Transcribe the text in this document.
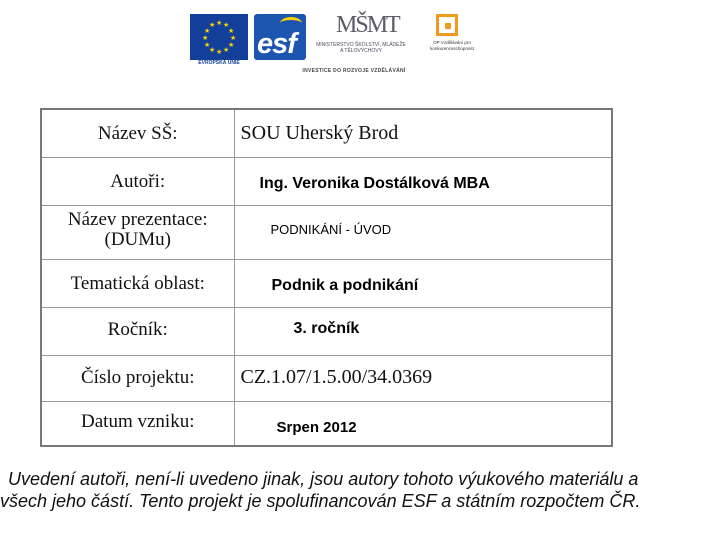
★ ★
★
★
★
★
★
★
★
★
★
★
EVROPSKÁ UNIE
esf
MŠMT
MINISTERSTVO ŠKOLSTVÍ, MLÁDEŽE A TĚLOVÝCHOVY
OP Vzdělávání pro konkurenceschopnost
INVESTICE DO ROZVOJE VZDĚLÁVÁNÍ
Název SŠ:	SOU Uherský Brod

Autoři:	Ing. Veronika Dostálková MBA

Název prezentace:
(DUMu)	PODNIKÁNÍ - ÚVOD

Tematická oblast:	Podnik a podnikání

Ročník:	3. ročník

Číslo projektu:	CZ.1.07/1.5.00/34.0369

Datum vzniku:	Srpen 2012
Uvedení autoři, není-li uvedeno jinak, jsou autory tohoto výukového materiálu a
všech jeho částí. Tento projekt je spolufinancován ESF a státním rozpočtem ČR.
